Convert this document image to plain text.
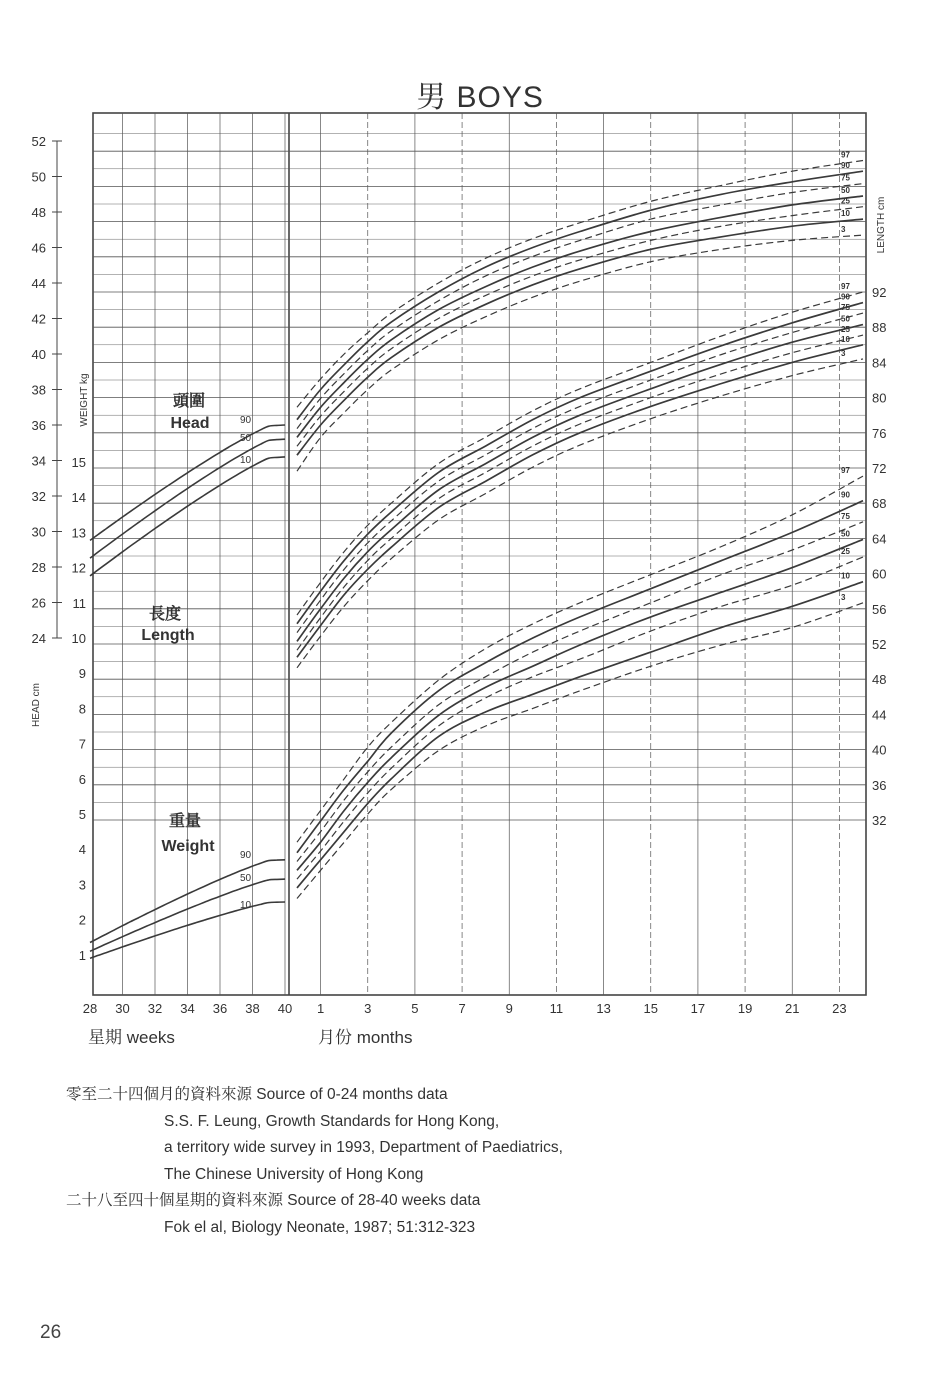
男 BOYS
24
26
28
30
32
34
36
38
40
42
44
46
48
50
52
HEAD cm
1
2
3
4
5
6
7
8
9
10
11
12
13
14
15
WEIGHT kg
32
36
40
44
48
52
56
60
64
68
72
76
80
84
88
92
LENGTH cm
28 30 32 34 36 38 40 1	3	5	7	9	11	13	15	17	19	21	23
90
50
10
90
50
10
97
90
75
50
25
10
3
97
90
75
50
25
10
3
97
90
75
50
25
10
3
頭圍
Head
長度
Length
重量
Weight
星期 weeks	月份 months
零至二十四個月的資料來源 Source of 0-24 months data
S.S. F. Leung, Growth Standards for Hong Kong,
a territory wide survey in 1993, Department of Paediatrics,
The Chinese University of Hong Kong
二十八至四十個星期的資料來源 Source of 28-40 weeks data
Fok el al, Biology Neonate, 1987; 51:312-323
26
